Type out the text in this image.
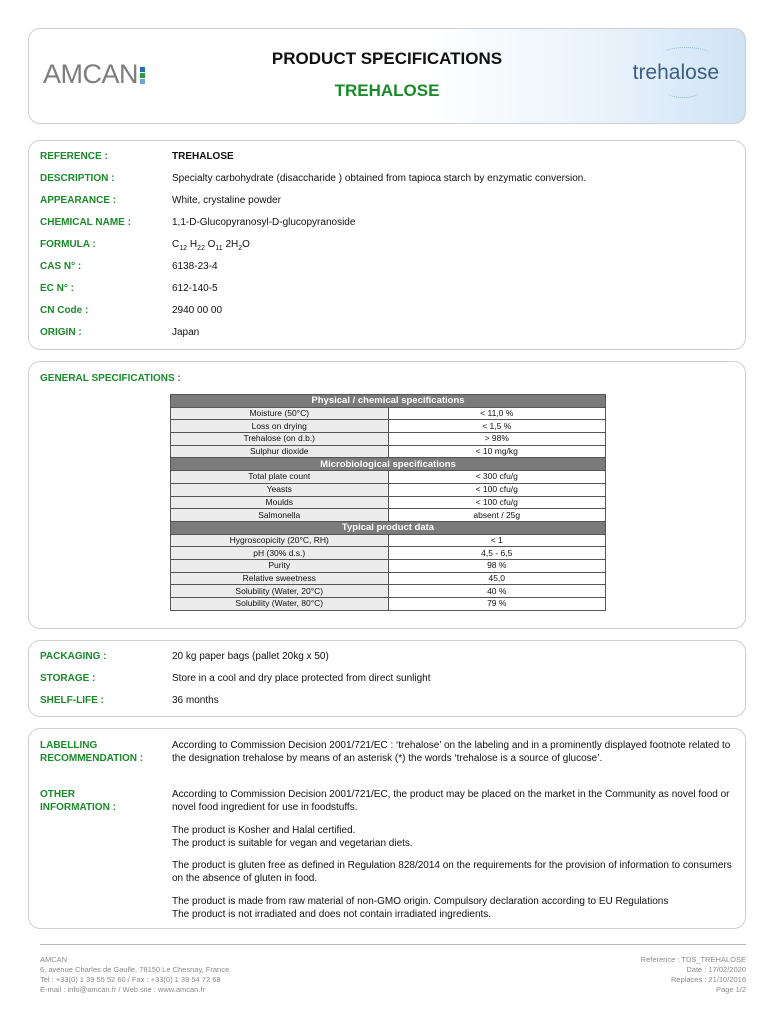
AMCAN
PRODUCT SPECIFICATIONS
TREHALOSE
trehalose
REFERENCE :	TREHALOSE
DESCRIPTION :	Specialty carbohydrate (disaccharide ) obtained from tapioca starch by enzymatic conversion.
APPEARANCE :	White, crystaline powder
CHEMICAL NAME :	1,1-D-Glucopyranosyl-D-glucopyranoside
FORMULA :	$C_{12}$ $H_{22}$ $O_{11}$ $2H_2O$
CAS N° :	6138-23-4
EC N° :	612-140-5
CN Code :	2940 00 00
ORIGIN :	Japan
GENERAL SPECIFICATIONS :
Physical / chemical specifications	
Moisture (50°C)	< 11,0 %
Loss on drying	< 1,5 %
Trehalose (on d.b.)	> 98%
Sulphur dioxide	< 10 mg/kg
Microbiological specifications	
Total plate count	< 300 cfu/g
Yeasts	< 100 cfu/g
Moulds	< 100 cfu/g
Salmonella	absent / 25g
Typical product data	
Hygroscopicity (20°C, RH)	< 1
pH (30% d.s.)	4,5 - 6,5
Purity	98 %
Relative sweetness	45,0
Solubility (Water, 20°C)	40 %
Solubility (Water, 80°C)	79 %
PACKAGING :	20 kg paper bags (pallet 20kg x 50)
STORAGE :	Store in a cool and dry place protected from direct sunlight
SHELF-LIFE :	36 months
LABELLING
RECOMMENDATION :
According to Commission Decision 2001/721/EC : ‘trehalose’ on the labeling and in a prominently displayed footnote related to the designation trehalose by means of an asterisk (*) the words ‘trehalose is a source of glucose’.
OTHER
INFORMATION :
According to Commission Decision 2001/721/EC, the product may be placed on the market in the Community as novel food or novel food ingredient for use in foodstuffs.
The product is Kosher and Halal certified.
The product is suitable for vegan and vegetarian diets.
The product is gluten free as defined in Regulation 828/2014 on the requirements for the provision of information to consumers on the absence of gluten in food.
The product is made from raw material of non-GMO origin. Compulsory declaration according to EU Regulations
The product is not irradiated and does not contain irradiated ingredients.
AMCAN
6, avenue Charles de Gaulle, 78150 Le Chesnay, France
Tel : +33(0) 1 39 55 52 60 / Fax : +33(0) 1 39 54 72 68
E-mail : info@amcan.fr / Web site : www.amcan.fr
Reference : TDS_TREHALOSE
Date : 17/02/2020
Replaces : 21/10/2016
Page 1/2
